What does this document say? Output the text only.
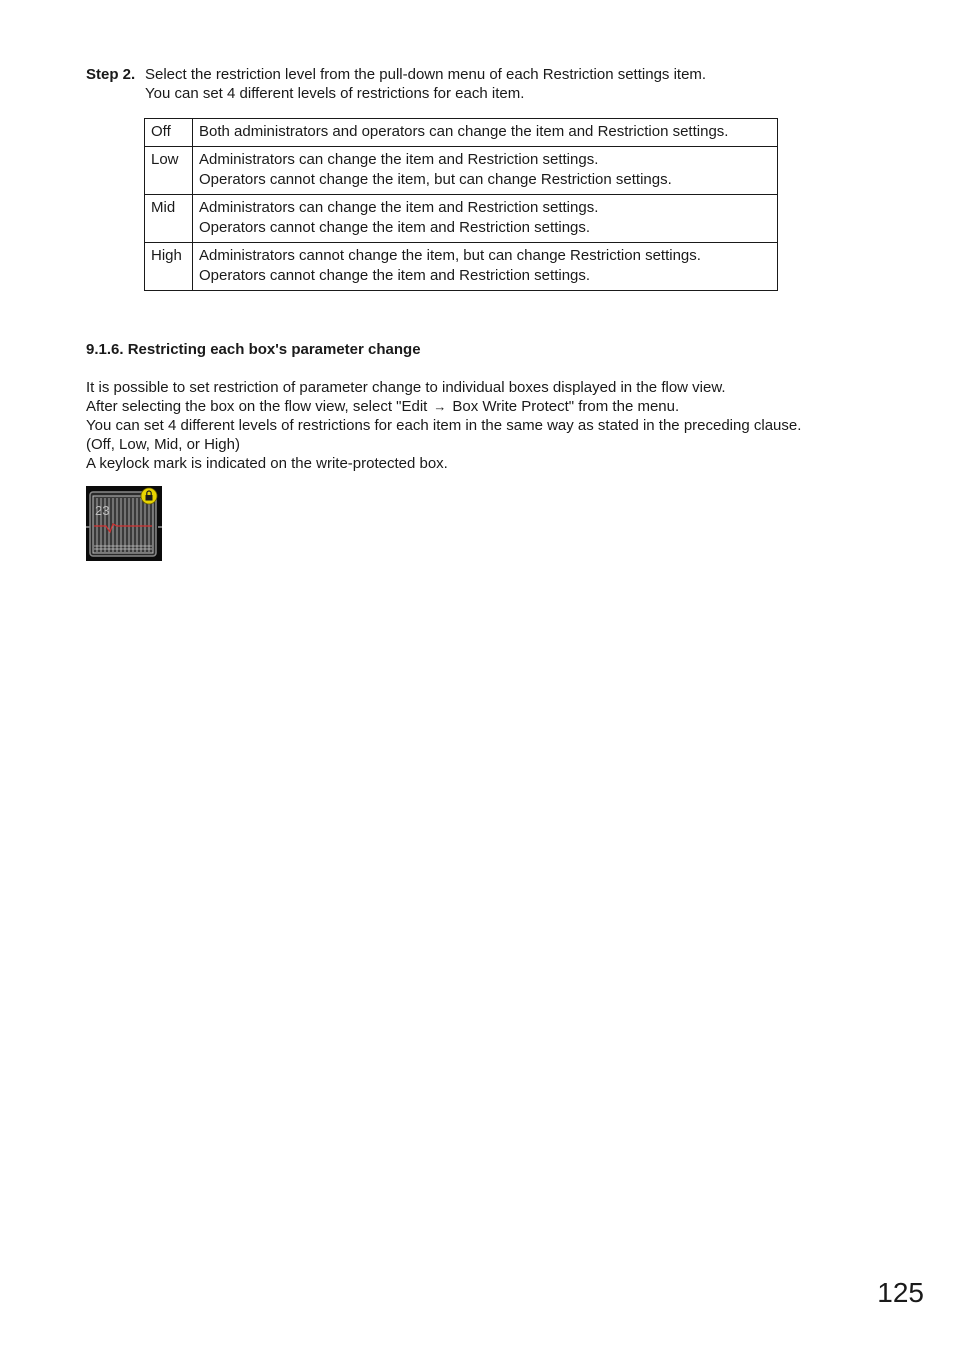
Step 2. Select the restriction level from the pull-down menu of each Restriction settings item.
You can set 4 different levels of restrictions for each item.
Off	Both administrators and operators can change the item and Restriction settings.

Low	Administrators can change the item and Restriction settings.
Operators cannot change the item, but can change Restriction settings.

Mid	Administrators can change the item and Restriction settings.
Operators cannot change the item and Restriction settings.

High	Administrators cannot change the item, but can change Restriction settings.
Operators cannot change the item and Restriction settings.
9.1.6. Restricting each box's parameter change
It is possible to set restriction of parameter change to individual boxes displayed in the flow view.
After selecting the box on the flow view, select "Edit → Box Write Protect" from the menu.
You can set 4 different levels of restrictions for each item in the same way as stated in the preceding clause.
(Off, Low, Mid, or High)
A keylock mark is indicated on the write-protected box.
23
125
